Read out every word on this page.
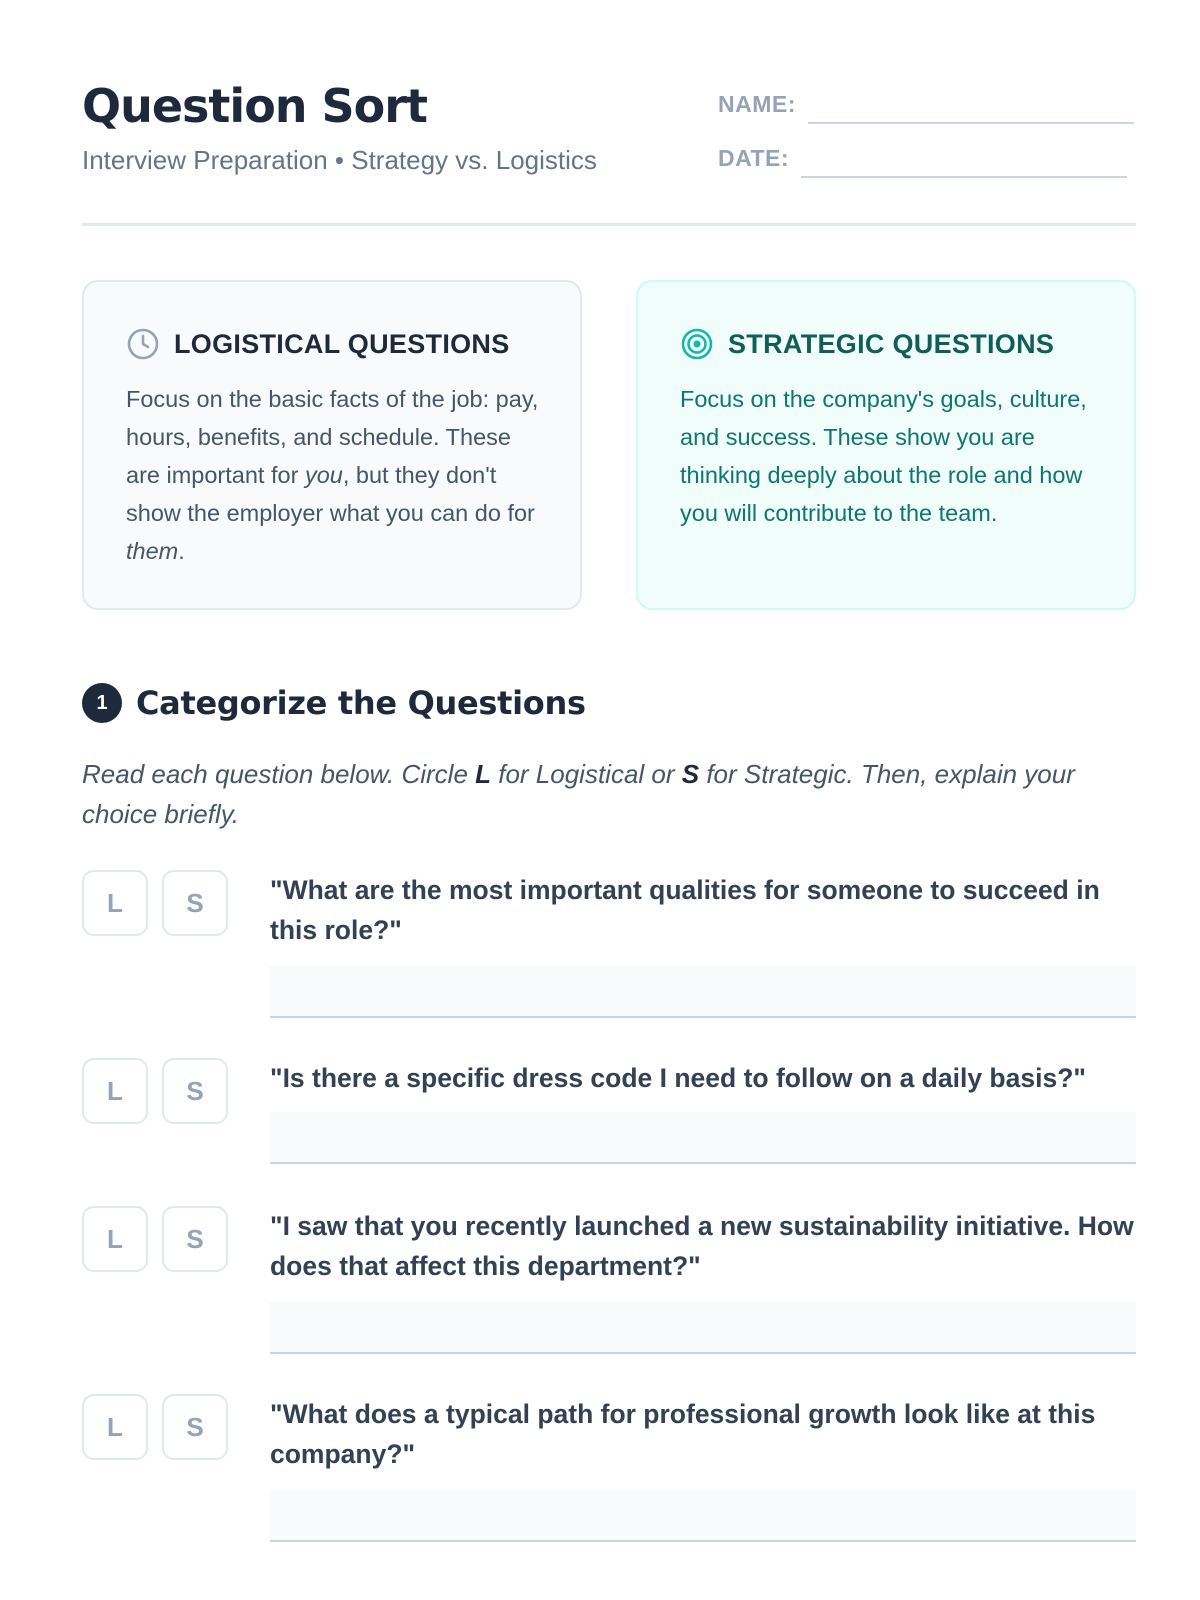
Question Sort
Interview Preparation • Strategy vs. Logistics
NAME:
DATE:
LOGISTICAL QUESTIONS
Focus on the basic facts of the job: pay, hours, benefits, and schedule. These are important for you, but they don't show the employer what you can do for them.
STRATEGIC QUESTIONS
Focus on the company's goals, culture, and success. These show you are thinking deeply about the role and how you will contribute to the team.
1 Categorize the Questions
Read each question below. Circle L for Logistical or S for Strategic. Then, explain your choice briefly.
L	S	"What are the most important qualities for someone to succeed in this role?"
L	S	"Is there a specific dress code I need to follow on a daily basis?"
L	S	"I saw that you recently launched a new sustainability initiative. How does that affect this department?"
L	S	"What does a typical path for professional growth look like at this company?"
